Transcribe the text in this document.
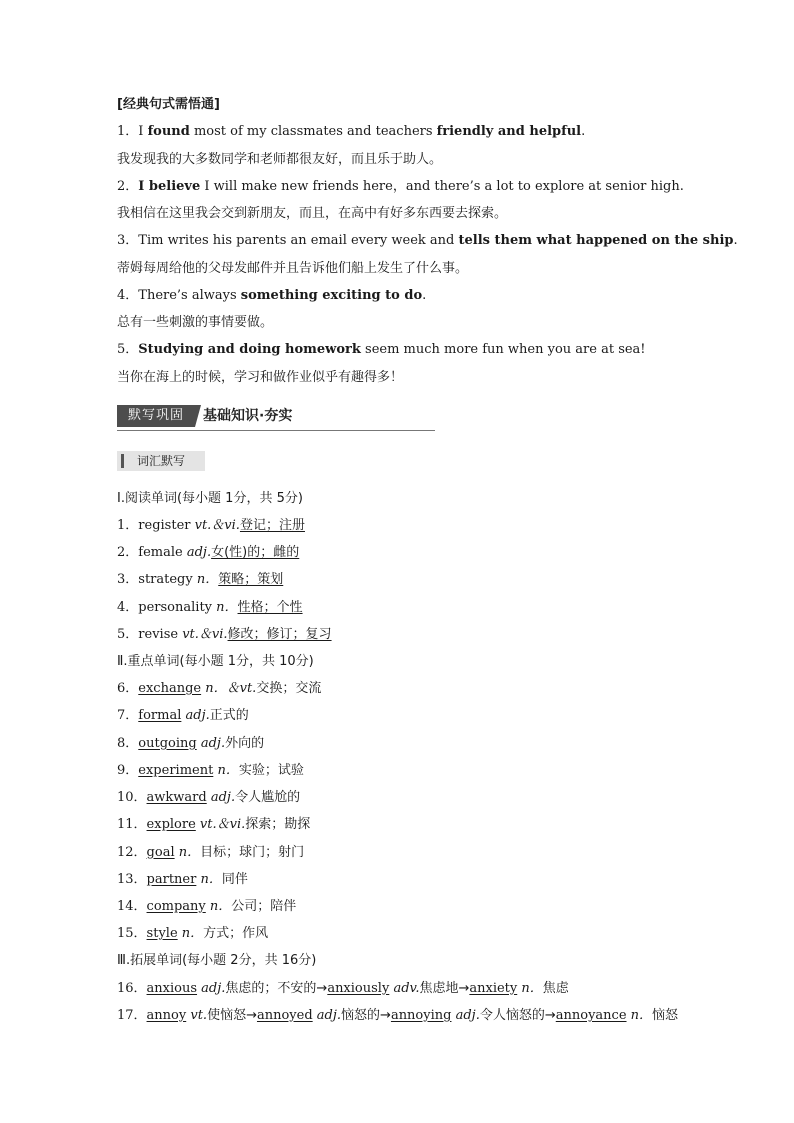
[经典句式需悟通]
1．I found most of my classmates and teachers friendly and helpful.
我发现我的大多数同学和老师都很友好，而且乐于助人。
2．I believe I will make new friends here，and there’s a lot to explore at senior high.
我相信在这里我会交到新朋友，而且，在高中有好多东西要去探索。
3．Tim writes his parents an email every week and tells them what happened on the ship.
蒂姆每周给他的父母发邮件并且告诉他们船上发生了什么事。
4．There’s always something exciting to do.
总有一些刺激的事情要做。
5．Studying and doing homework seem much more fun when you are at sea!
当你在海上的时候，学习和做作业似乎有趣得多！
默写巩固	基础知识·夯实
词汇默写
Ⅰ.阅读单词(每小题 1分，共 5分)
1．register vt.＆vi.登记；注册
2．female adj.女(性)的；雌的
3．strategy n．策略；策划
4．personality n．性格；个性
5．revise vt.＆vi.修改；修订；复习
Ⅱ.重点单词(每小题 1分，共 10分)
6．exchange n．＆vt.交换；交流
7．formal adj.正式的
8．outgoing adj.外向的
9．experiment n．实验；试验
10．awkward adj.令人尴尬的
11．explore vt.＆vi.探索；勘探
12．goal n．目标；球门；射门
13．partner n．同伴
14．company n．公司；陪伴
15．style n．方式；作风
Ⅲ.拓展单词(每小题 2分，共 16分)
16．anxious adj.焦虑的；不安的→anxiously adv.焦虑地→anxiety n．焦虑
17．annoy vt.使恼怒→annoyed adj.恼怒的→annoying adj.令人恼怒的→annoyance n．恼怒
